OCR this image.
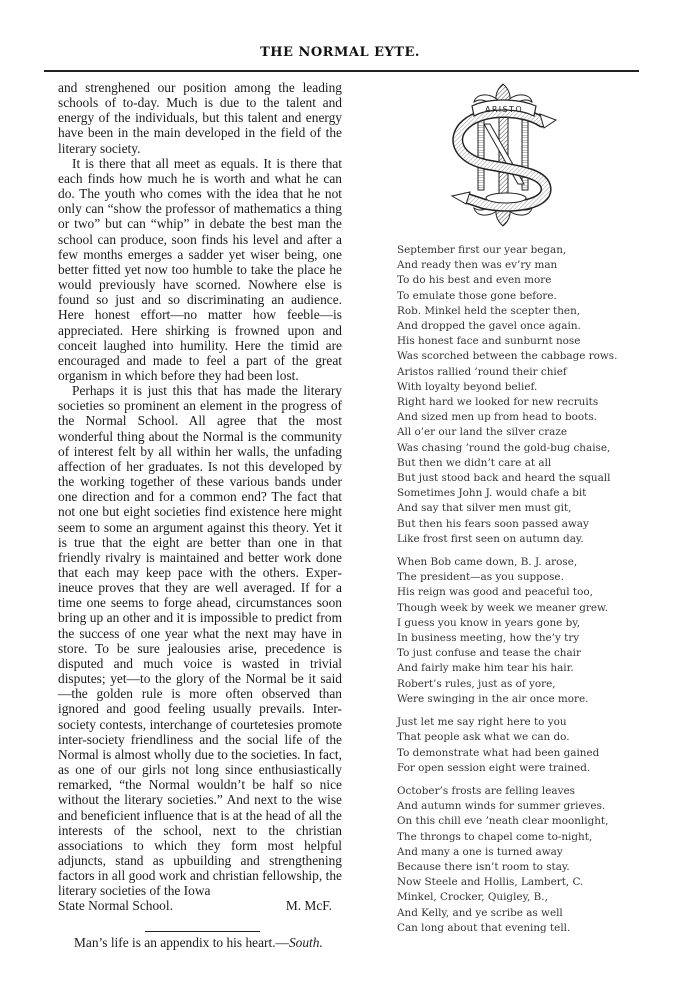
THE NORMAL EYTE.

and strenghened our position among the leading schools of to-day. Much is due to the talent and energy of the individuals, but this talent and energy have been in the main developed in the field of the literary society.

It is there that all meet as equals. It is there that each finds how much he is worth and what he can do. The youth who comes with the idea that he not only can “show the professor of mathematics a thing or two” but can “whip” in debate the best man the school can produce, soon finds his level and after a few months emerges a sadder yet wiser being, one better fitted yet now too humble to take the place he would previously have scorned. Nowhere else is found so just and so discriminating an audience. Here honest effort—no matter how feeble—is appreciated. Here shirking is frowned upon and conceit laughed into humility. Here the timid are encouraged and made to feel a part of the great organism in which before they had been lost.

Perhaps it is just this that has made the literary societies so prominent an element in the progress of the Normal School. All agree that the most wonderful thing about the Normal is the community of interest felt by all within her walls, the unfading affection of her graduates. Is not this developed by the working together of these various bands under one direction and for a common end? The fact that not one but eight societies find existence here might seem to some an argument against this theory. Yet it is true that the eight are better than one in that friendly rivalry is maintained and better work done that each may keep pace with the others. Experineuce proves that they are well averaged. If for a time one seems to forge ahead, circumstances soon bring up an other and it is impossible to predict from the success of one year what the next may have in store. To be sure jealousies arise, precedence is disputed and much voice is wasted in trivial disputes; yet—to the glory of the Normal be it said—the golden rule is more often observed than ignored and good feeling usually prevails. Inter-society contests, interchange of courtetesies promote inter-society friendliness and the social life of the Normal is almost wholly due to the societies. In fact, as one of our girls not long since enthusiastically remarked, “the Normal wouldn’t be half so nice without the literary societies.” And next to the wise and beneficient influence that is at the head of all the interests of the school, next to the christian associations to which they form most helpful adjuncts, stand as upbuilding and strengthening factors in all good work and christian fellowship, the literary societies of the Iowa

State Normal School.	M. McF.

Man’s life is an appendix to his heart.—South.
ARISTO
September first our year began,
And ready then was ev’ry man
To do his best and even more
To emulate those gone before.
Rob. Minkel held the scepter then,
And dropped the gavel once again.
His honest face and sunburnt nose
Was scorched between the cabbage rows.
Aristos rallied ’round their chief
With loyalty beyond belief.
Right hard we looked for new recruits
And sized men up from head to boots.
All o’er our land the silver craze
Was chasing ’round the gold-bug chaise,
But then we didn’t care at all
But just stood back and heard the squall
Sometimes John J. would chafe a bit
And say that silver men must git,
But then his fears soon passed away
Like frost first seen on autumn day.
When Bob came down, B. J. arose,
The president—as you suppose.
His reign was good and peaceful too,
Though week by week we meaner grew.
I guess you know in years gone by,
In business meeting, how the’y try
To just confuse and tease the chair
And fairly make him tear his hair.
Robert’s rules, just as of yore,
Were swinging in the air once more.
Just let me say right here to you
That people ask what we can do.
To demonstrate what had been gained
For open session eight were trained.
October’s frosts are felling leaves
And autumn winds for summer grieves.
On this chill eve ’neath clear moonlight,
The throngs to chapel come to-night,
And many a one is turned away
Because there isn’t room to stay.
Now Steele and Hollis, Lambert, C.
Minkel, Crocker, Quigley, B.,
And Kelly, and ye scribe as well
Can long about that evening tell.
